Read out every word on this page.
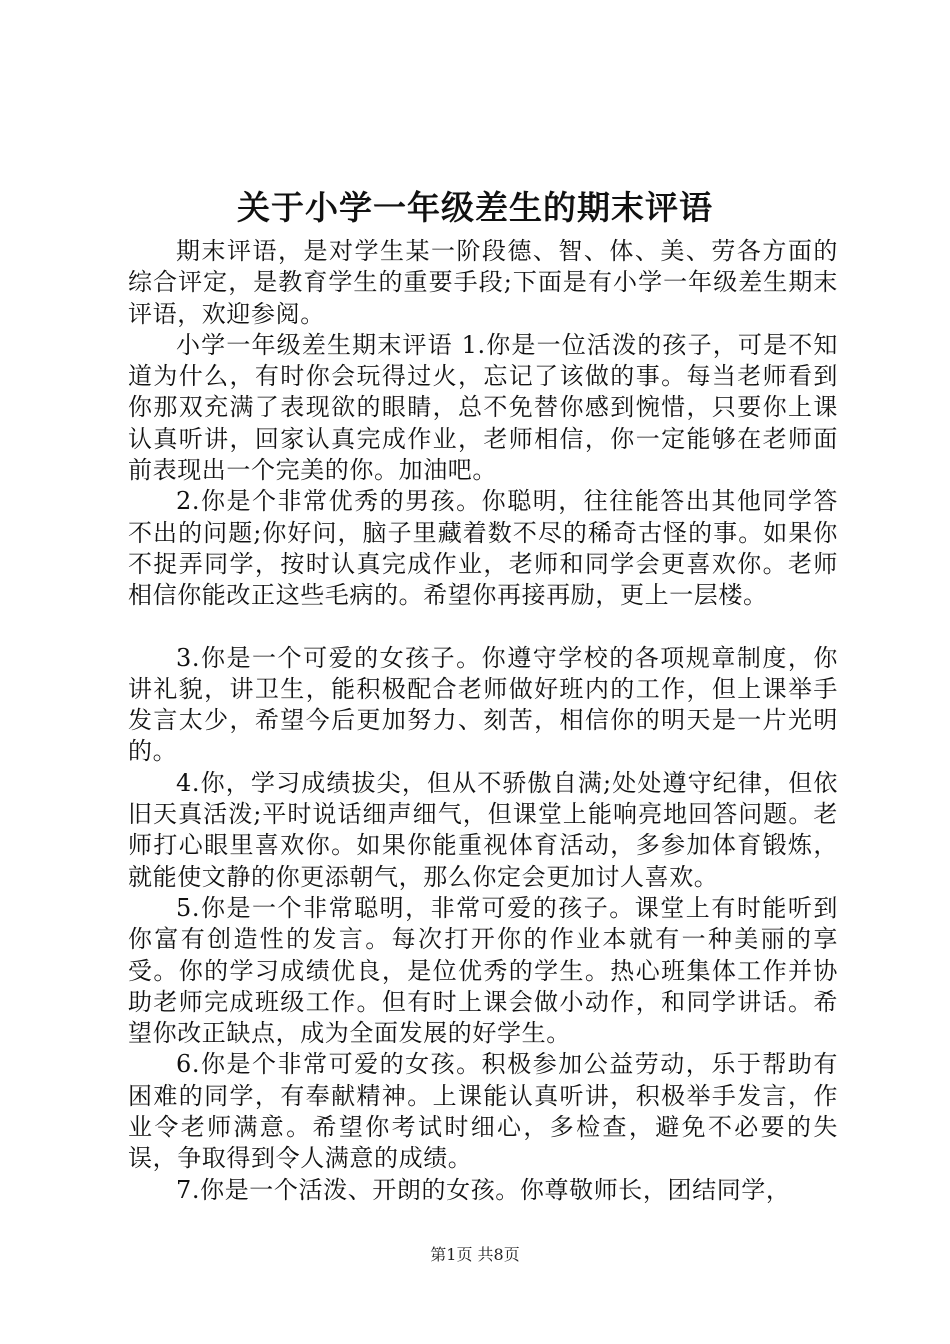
关于小学一年级差生的期末评语

期末评语，是对学生某一阶段德、智、体、美、劳各方面的综合评定，是教育学生的重要手段;下面是有小学一年级差生期末评语，欢迎参阅。

小学一年级差生期末评语 1.你是一位活泼的孩子，可是不知道为什么，有时你会玩得过火，忘记了该做的事。每当老师看到你那双充满了表现欲的眼睛，总不免替你感到惋惜，只要你上课认真听讲，回家认真完成作业，老师相信，你一定能够在老师面前表现出一个完美的你。加油吧。

2.你是个非常优秀的男孩。你聪明，往往能答出其他同学答不出的问题;你好问，脑子里藏着数不尽的稀奇古怪的事。如果你不捉弄同学，按时认真完成作业，老师和同学会更喜欢你。老师相信你能改正这些毛病的。希望你再接再励，更上一层楼。

3.你是一个可爱的女孩子。你遵守学校的各项规章制度，你讲礼貌，讲卫生，能积极配合老师做好班内的工作，但上课举手发言太少，希望今后更加努力、刻苦，相信你的明天是一片光明的。

4.你，学习成绩拔尖，但从不骄傲自满;处处遵守纪律，但依旧天真活泼;平时说话细声细气，但课堂上能响亮地回答问题。老师打心眼里喜欢你。如果你能重视体育活动，多参加体育锻炼，就能使文静的你更添朝气，那么你定会更加讨人喜欢。

5.你是一个非常聪明，非常可爱的孩子。课堂上有时能听到你富有创造性的发言。每次打开你的作业本就有一种美丽的享受。你的学习成绩优良，是位优秀的学生。热心班集体工作并协助老师完成班级工作。但有时上课会做小动作，和同学讲话。希望你改正缺点，成为全面发展的好学生。

6.你是个非常可爱的女孩。积极参加公益劳动，乐于帮助有困难的同学，有奉献精神。上课能认真听讲，积极举手发言，作业令老师满意。希望你考试时细心，多检查，避免不必要的失误，争取得到令人满意的成绩。

7.你是一个活泼、开朗的女孩。你尊敬师长，团结同学，

第1页 共8页
